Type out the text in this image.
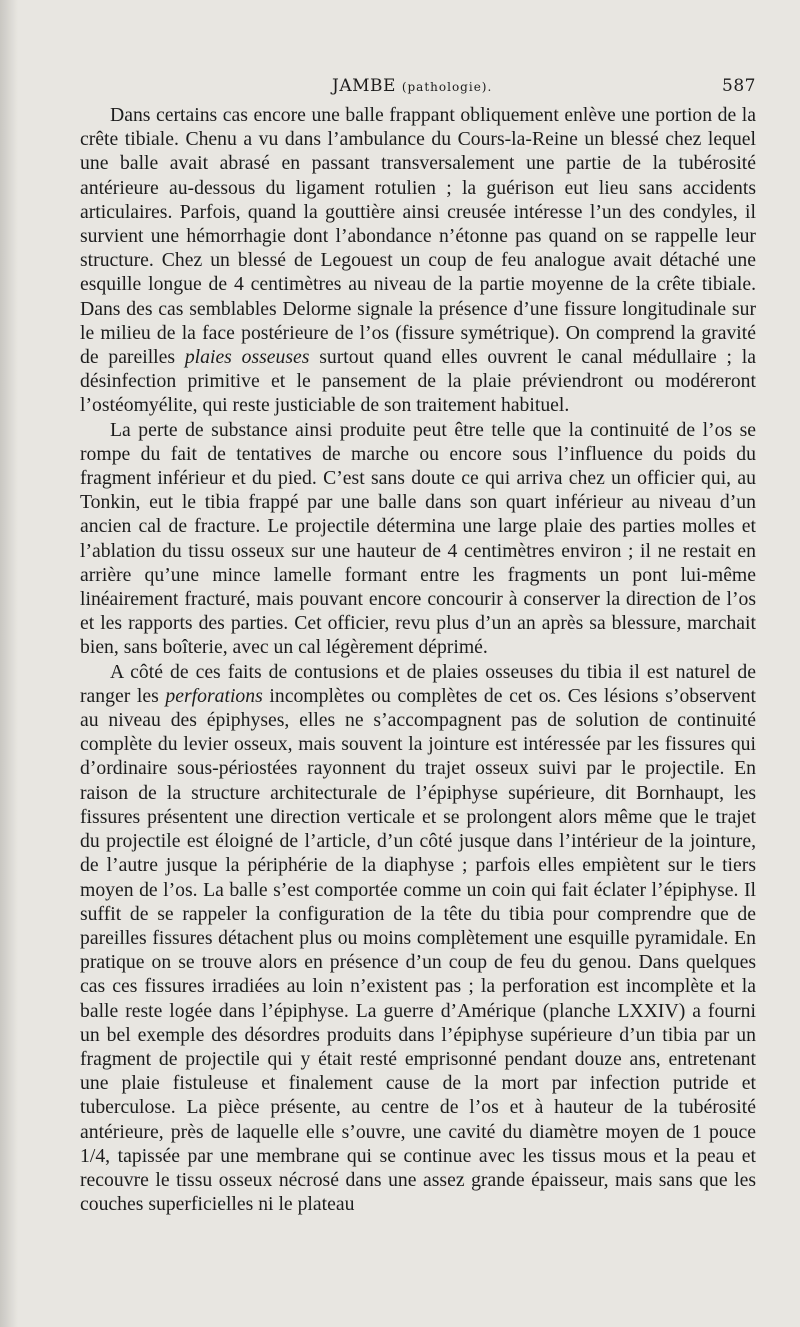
JAMBE (pathologie).	587

Dans certains cas encore une balle frappant obliquement enlève une portion de la crête tibiale. Chenu a vu dans l’ambulance du Cours-la-Reine un blessé chez lequel une balle avait abrasé en passant transversalement une partie de la tubérosité antérieure au-dessous du ligament rotulien ; la guérison eut lieu sans accidents articulaires. Parfois, quand la gouttière ainsi creusée intéresse l’un des condyles, il survient une hémorrhagie dont l’abondance n’étonne pas quand on se rappelle leur structure. Chez un blessé de Legouest un coup de feu analogue avait détaché une esquille longue de 4 centimètres au niveau de la partie moyenne de la crête tibiale. Dans des cas semblables Delorme signale la présence d’une fissure longitudinale sur le milieu de la face postérieure de l’os (fissure symétrique). On comprend la gravité de pareilles plaies osseuses surtout quand elles ouvrent le canal médullaire ; la désinfection primitive et le pansement de la plaie préviendront ou modéreront l’ostéomyélite, qui reste justiciable de son traitement habituel.

La perte de substance ainsi produite peut être telle que la continuité de l’os se rompe du fait de tentatives de marche ou encore sous l’influence du poids du fragment inférieur et du pied. C’est sans doute ce qui arriva chez un officier qui, au Tonkin, eut le tibia frappé par une balle dans son quart inférieur au niveau d’un ancien cal de fracture. Le projectile détermina une large plaie des parties molles et l’ablation du tissu osseux sur une hauteur de 4 centimètres environ ; il ne restait en arrière qu’une mince lamelle formant entre les fragments un pont lui-même linéairement fracturé, mais pouvant encore concourir à conserver la direction de l’os et les rapports des parties. Cet officier, revu plus d’un an après sa blessure, marchait bien, sans boîterie, avec un cal légèrement déprimé.

A côté de ces faits de contusions et de plaies osseuses du tibia il est naturel de ranger les perforations incomplètes ou complètes de cet os. Ces lésions s’observent au niveau des épiphyses, elles ne s’accompagnent pas de solution de continuité complète du levier osseux, mais souvent la jointure est intéressée par les fissures qui d’ordinaire sous-périostées rayonnent du trajet osseux suivi par le projectile. En raison de la structure architecturale de l’épiphyse supérieure, dit Bornhaupt, les fissures présentent une direction verticale et se prolongent alors même que le trajet du projectile est éloigné de l’article, d’un côté jusque dans l’intérieur de la jointure, de l’autre jusque la périphérie de la diaphyse ; parfois elles empiètent sur le tiers moyen de l’os. La balle s’est comportée comme un coin qui fait éclater l’épiphyse. Il suffit de se rappeler la configuration de la tête du tibia pour comprendre que de pareilles fissures détachent plus ou moins complètement une esquille pyramidale. En pratique on se trouve alors en présence d’un coup de feu du genou. Dans quelques cas ces fissures irradiées au loin n’existent pas ; la perforation est incomplète et la balle reste logée dans l’épiphyse. La guerre d’Amérique (planche LXXIV) a fourni un bel exemple des désordres produits dans l’épiphyse supérieure d’un tibia par un fragment de projectile qui y était resté emprisonné pendant douze ans, entretenant une plaie fistuleuse et finalement cause de la mort par infection putride et tuberculose. La pièce présente, au centre de l’os et à hauteur de la tubérosité antérieure, près de laquelle elle s’ouvre, une cavité du diamètre moyen de 1 pouce 1/4, tapissée par une membrane qui se continue avec les tissus mous et la peau et recouvre le tissu osseux nécrosé dans une assez grande épaisseur, mais sans que les couches superficielles ni le plateau
